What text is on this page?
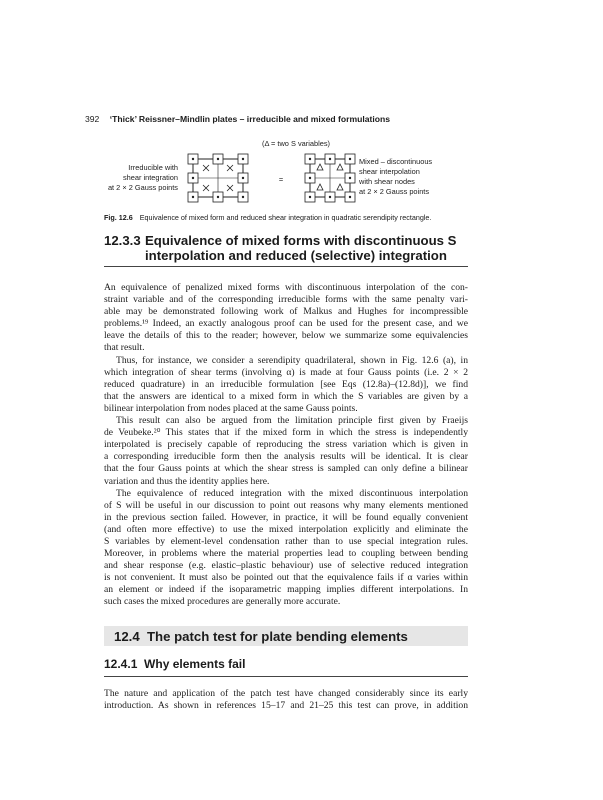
392 ‘Thick’ Reissner–Mindlin plates – irreducible and mixed formulations
(Δ = two S variables)
Irreducible with
shear integration
at 2 × 2 Gauss points
=
Mixed – discontinuous
shear interpolation
with shear nodes
at 2 × 2 Gauss points
Fig. 12.6 Equivalence of mixed form and reduced shear integration in quadratic serendipity rectangle.
12.3.3 Equivalence of mixed forms with discontinuous S
interpolation and reduced (selective) integration

An equivalence of penalized mixed forms with discontinuous interpolation of the con-
straint variable and of the corresponding irreducible forms with the same penalty vari-
able may be demonstrated following work of Malkus and Hughes for incompressible
problems.¹⁹ Indeed, an exactly analogous proof can be used for the present case, and we
leave the details of this to the reader; however, below we summarize some equivalencies
that result.

Thus, for instance, we consider a serendipity quadrilateral, shown in Fig. 12.6 (a), in
which integration of shear terms (involving α) is made at four Gauss points (i.e. 2 × 2
reduced quadrature) in an irreducible formulation [see Eqs (12.8a)–(12.8d)], we find
that the answers are identical to a mixed form in which the S variables are given by a
bilinear interpolation from nodes placed at the same Gauss points.

This result can also be argued from the limitation principle first given by Fraeijs
de Veubeke.²⁰ This states that if the mixed form in which the stress is independently
interpolated is precisely capable of reproducing the stress variation which is given in
a corresponding irreducible form then the analysis results will be identical. It is clear
that the four Gauss points at which the shear stress is sampled can only define a bilinear
variation and thus the identity applies here.

The equivalence of reduced integration with the mixed discontinuous interpolation
of S will be useful in our discussion to point out reasons why many elements mentioned
in the previous section failed. However, in practice, it will be found equally convenient
(and often more effective) to use the mixed interpolation explicitly and eliminate the
S variables by element-level condensation rather than to use special integration rules.
Moreover, in problems where the material properties lead to coupling between bending
and shear response (e.g. elastic–plastic behaviour) use of selective reduced integration
is not convenient. It must also be pointed out that the equivalence fails if α varies within
an element or indeed if the isoparametric mapping implies different interpolations. In
such cases the mixed procedures are generally more accurate.

12.4 The patch test for plate bending elements
12.4.1 Why elements fail

The nature and application of the patch test have changed considerably since its early
introduction. As shown in references 15–17 and 21–25 this test can prove, in addition
